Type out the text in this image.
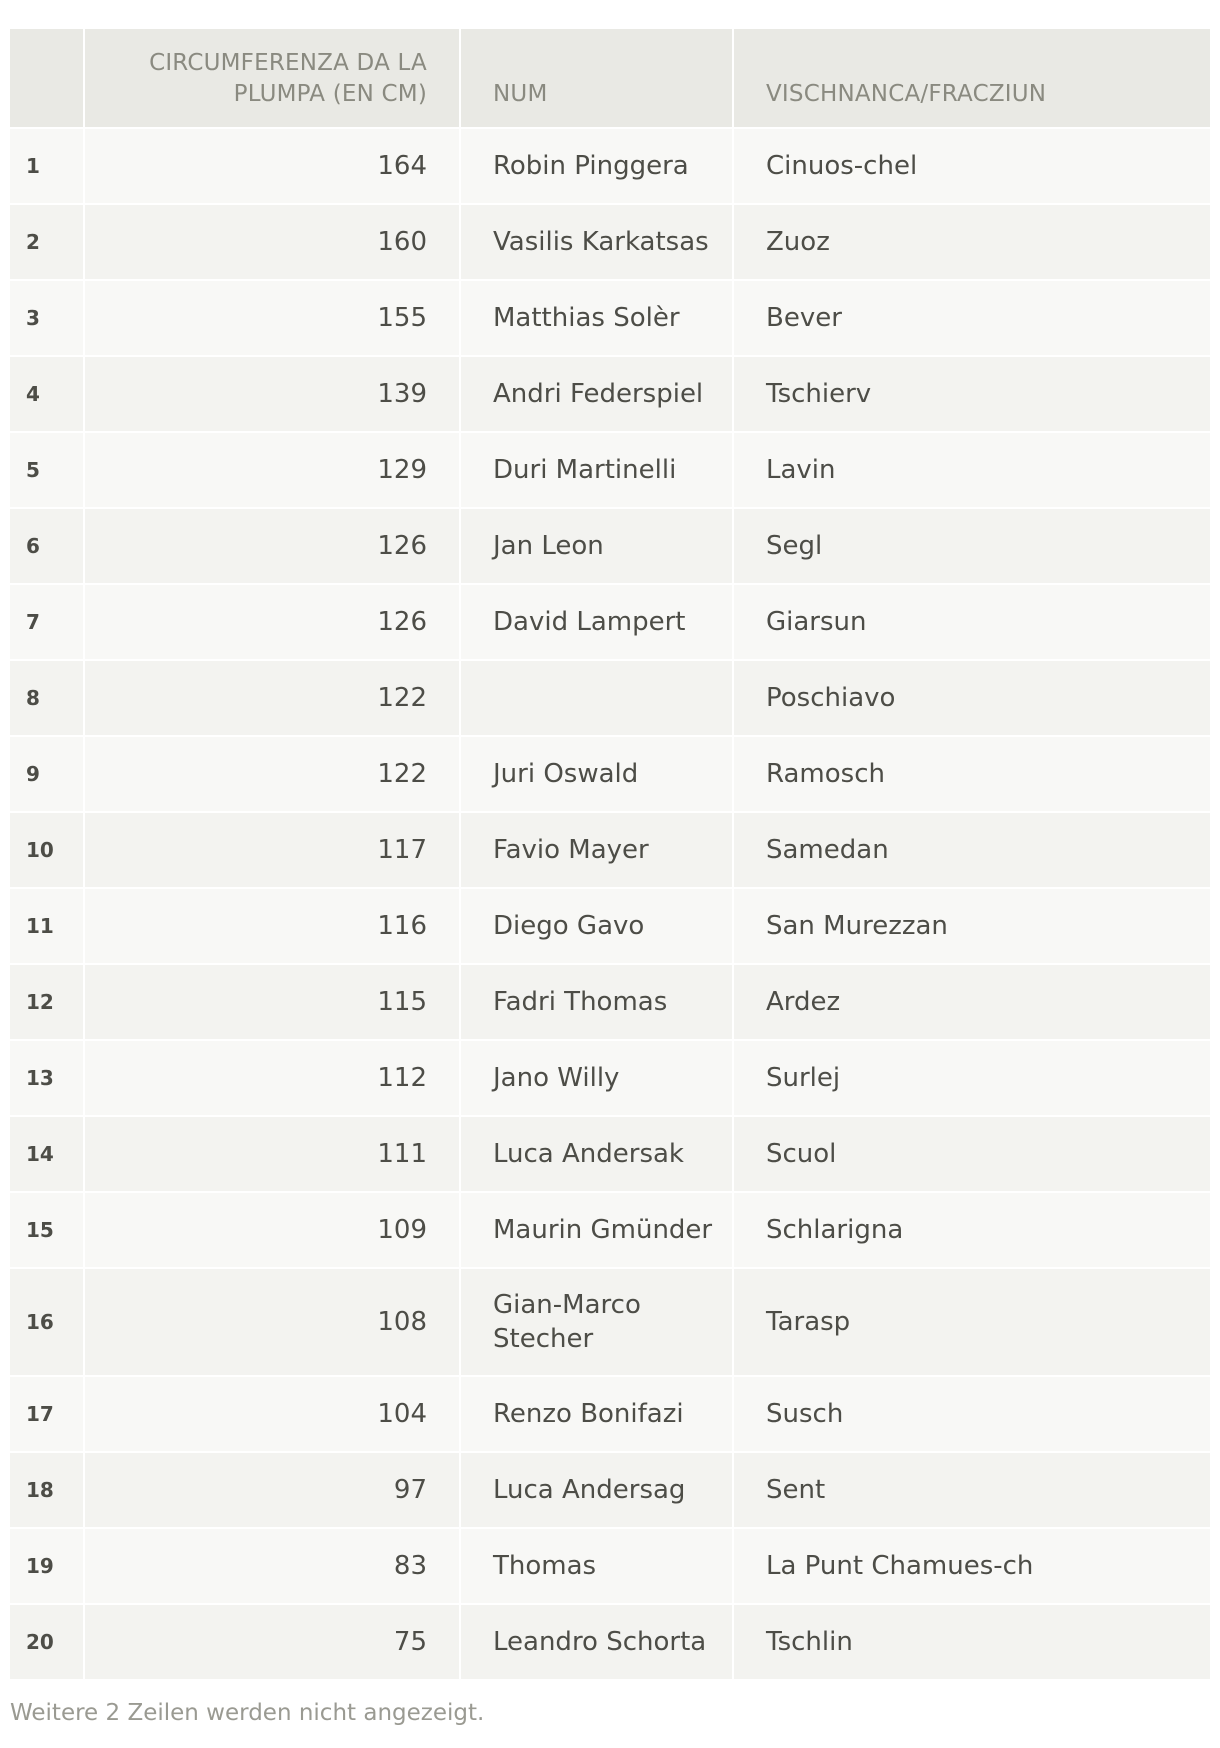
	CIRCUMFERENZA DA LA PLUMPA (EN CM)	NUM	VISCHNANCA/FRACZIUN

1	164	Robin Pinggera	Cinuos-chel
2	160	Vasilis Karkatsas	Zuoz
3	155	Matthias Solèr	Bever
4	139	Andri Federspiel	Tschierv
5	129	Duri Martinelli	Lavin
6	126	Jan Leon	Segl
7	126	David Lampert	Giarsun
8	122		Poschiavo
9	122	Juri Oswald	Ramosch
10	117	Favio Mayer	Samedan
11	116	Diego Gavo	San Murezzan
12	115	Fadri Thomas	Ardez
13	112	Jano Willy	Surlej
14	111	Luca Andersak	Scuol
15	109	Maurin Gmünder	Schlarigna
16	108	Gian-Marco Stecher	Tarasp
17	104	Renzo Bonifazi	Susch
18	97	Luca Andersag	Sent
19	83	Thomas	La Punt Chamues-ch
20	75	Leandro Schorta	Tschlin
Weitere 2 Zeilen werden nicht angezeigt.
